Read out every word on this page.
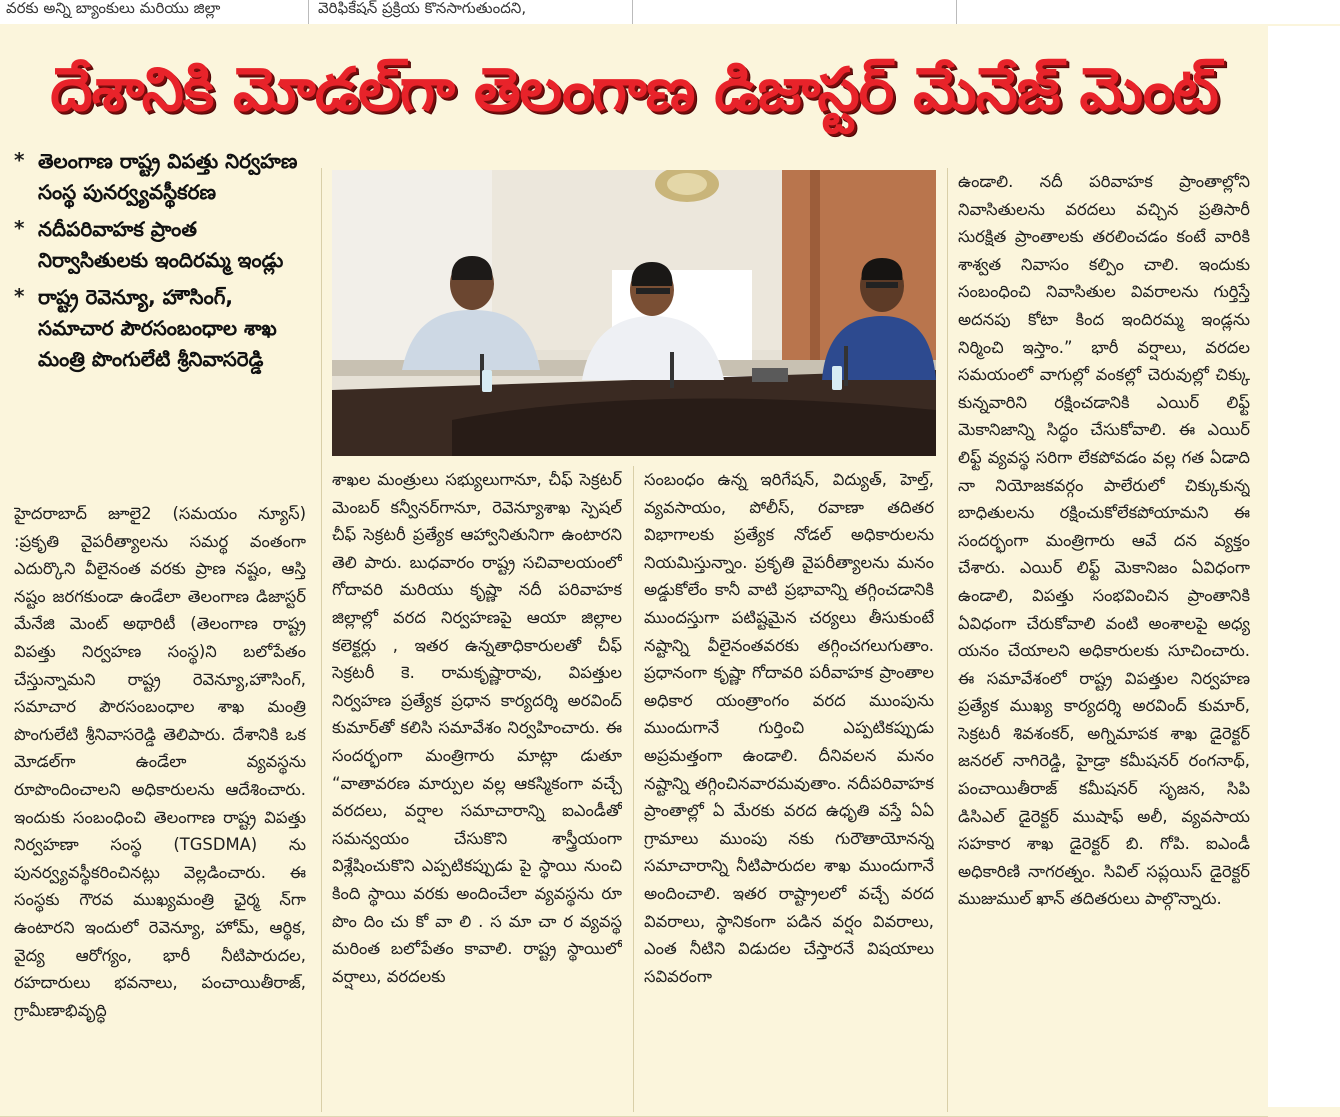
వరకు అన్ని బ్యాంకులు మరియు జిల్లా	వెరిఫికేషన్ ప్రక్రియ కొనసాగుతుందని,
దేశానికి మోడల్‌గా తెలంగాణ డిజాస్టర్ మేనేజ్ మెంట్
* తెలంగాణ రాష్ట్ర విపత్తు నిర్వహణ సంస్థ పునర్వ్యవస్థీకరణ
* నదీపరివాహక ప్రాంత నిర్వాసితులకు ఇందిరమ్మ ఇండ్లు
* రాష్ట్ర రెవెన్యూ, హౌసింగ్, సమాచార పౌరసంబంధాల శాఖ మంత్రి పొంగులేటి శ్రీనివాసరెడ్డి

హైదరాబాద్ జూలై2 (సమయం న్యూస్) :ప్రకృతి వైపరీత్యాలను సమర్థ వంతంగా ఎదుర్కొని వీలైనంత వరకు ప్రాణ నష్టం, ఆస్తి నష్టం జరగకుండా ఉండేలా తెలంగాణ డిజాస్టర్ మేనేజి మెంట్ అథారిటీ (తెలంగాణ రాష్ట్ర విపత్తు నిర్వహణ సంస్థ)ని బలోపేతం చేస్తున్నామని రాష్ట్ర రెవెన్యూ,హౌసింగ్, సమాచార పౌరసంబంధాల శాఖ మంత్రి పొంగులేటి శ్రీనివాసరెడ్డి తెలిపారు. దేశానికి ఒక మోడల్‌గా ఉండేలా వ్యవస్థను రూపొందించాలని అధికారులను ఆదేశించారు. ఇందుకు సంబంధించి తెలంగాణ రాష్ట్ర విపత్తు నిర్వహణా సంస్థ (TGSDMA) ను పునర్వ్యవస్థీకరించినట్లు వెల్లడించారు. ఈ సంస్థకు గౌరవ ముఖ్యమంత్రి ఛైర్మ న్‌గా ఉంటారని ఇందులో రెవెన్యూ, హోమ్, ఆర్థిక, వైద్య ఆరోగ్యం, భారీ నీటిపారుదల, రహదారులు భవనాలు, పంచాయితీరాజ్, గ్రామీణాభివృద్ధి

శాఖల మంత్రులు సభ్యులుగానూ, చీఫ్ సెక్రటర్ మెంబర్ కన్వీనర్‌గానూ, రెవెన్యూశాఖ స్పెషల్ చీఫ్ సెక్రటరీ ప్రత్యేక ఆహ్వానితునిగా ఉంటారని తెలి పారు. బుధవారం రాష్ట్ర సచివాలయంలో గోదావరి మరియు కృష్ణా నదీ పరివాహక జిల్లాల్లో వరద నిర్వహణపై ఆయా జిల్లాల కలెక్టర్లు , ఇతర ఉన్నతాధికారులతో చీఫ్ సెక్రటరీ కె. రామకృష్ణారావు, విపత్తుల నిర్వహణ ప్రత్యేక ప్రధాన కార్యదర్శి అరవింద్ కుమార్‌తో కలిసి సమావేశం నిర్వహించారు. ఈ సందర్భంగా మంత్రిగారు మాట్లా డుతూ “వాతావరణ మార్పుల వల్ల ఆకస్మికంగా వచ్చే వరదలు, వర్షాల సమాచారాన్ని ఐఎండీతో సమన్వయం చేసుకొని శాస్త్రీయంగా విశ్లేషించుకొని ఎప్పటికప్పుడు పై స్థాయి నుంచి కింది స్థాయి వరకు అందించేలా వ్యవస్థను రూ పొం దిం చు కో వా లి . స మా చా ర వ్యవస్థ మరింత బలోపేతం కావాలి. రాష్ట్ర స్థాయిలో వర్షాలు, వరదలకు

సంబంధం ఉన్న ఇరిగేషన్, విద్యుత్, హెల్త్, వ్యవసాయం, పోలీస్, రవాణా తదితర విభాగాలకు ప్రత్యేక నోడల్ అధికారులను నియమిస్తున్నాం. ప్రకృతి వైపరీత్యాలను మనం అడ్డుకోలేం కానీ వాటి ప్రభావాన్ని తగ్గించడానికి ముందస్తుగా పటిష్టమైన చర్యలు తీసుకుంటే నష్టాన్ని వీలైనంతవరకు తగ్గించగలుగుతాం. ప్రధానంగా కృష్ణా గోదావరి పరీవాహక ప్రాంతాల అధికార యంత్రాంగం వరద ముంపును ముందుగానే గుర్తించి ఎప్పటికప్పుడు అప్రమత్తంగా ఉండాలి. దీనివలన మనం నష్టాన్ని తగ్గించినవారమవుతాం. నదీపరివాహక ప్రాంతాల్లో ఏ మేరకు వరద ఉధృతి వస్తే ఏఏ గ్రామాలు ముంపు నకు గురౌతాయోనన్న సమాచారాన్ని నీటిపారుదల శాఖ ముందుగానే అందించాలి. ఇతర రాష్ట్రాలలో వచ్చే వరద వివరాలు, స్థానికంగా పడిన వర్షం వివరాలు, ఎంత నీటిని విడుదల చేస్తారనే విషయాలు సవివరంగా

ఉండాలి. నదీ పరివాహక ప్రాంతాల్లోని నివాసితులను వరదలు వచ్చిన ప్రతిసారీ సురక్షిత ప్రాంతాలకు తరలించడం కంటే వారికి శాశ్వత నివాసం కల్పిం చాలి. ఇందుకు సంబంధించి నివాసితుల వివరాలను గుర్తిస్తే అదనపు కోటా కింద ఇందిరమ్మ ఇండ్లను నిర్మించి ఇస్తాం.” భారీ వర్షాలు, వరదల సమయంలో వాగుల్లో వంకల్లో చెరువుల్లో చిక్కు కున్నవారిని రక్షించడానికి ఎయిర్ లిఫ్ట్ మెకానిజాన్ని సిద్ధం చేసుకోవాలి. ఈ ఎయిర్ లిఫ్ట్ వ్యవస్థ సరిగా లేకపోవడం వల్ల గత ఏడాది నా నియోజకవర్గం పాలేరులో చిక్కుకున్న బాధితులను రక్షించుకోలేకపోయామని ఈ సందర్భంగా మంత్రిగారు ఆవే దన వ్యక్తం చేశారు. ఎయిర్ లిఫ్ట్ మెకానిజం ఏవిధంగా ఉండాలి, విపత్తు సంభవించిన ప్రాంతానికి ఏవిధంగా చేరుకోవాలి వంటి అంశాలపై అధ్య యనం చేయాలని అధికారులకు సూచించారు. ఈ సమావేశంలో రాష్ట్ర విపత్తుల నిర్వహణ ప్రత్యేక ముఖ్య కార్యదర్శి అరవింద్ కుమార్, సెక్రటరీ శివశంకర్, అగ్నిమాపక శాఖ డైరెక్టర్ జనరల్ నాగిరెడ్డి, హైడ్రా కమీషనర్ రంగనాథ్, పంచాయితీరాజ్ కమీషనర్ సృజన, సిపి డిసిఎల్ డైరెక్టర్ ముషాఫ్ అలీ, వ్యవసాయ సహకార శాఖ డైరెక్టర్ బి. గోపి. ఐఎండీ అధికారిణి నాగరత్నం. సివిల్ సప్లయిస్ డైరెక్టర్ ముజుముల్ ఖాన్ తదితరులు పాల్గొన్నారు.
